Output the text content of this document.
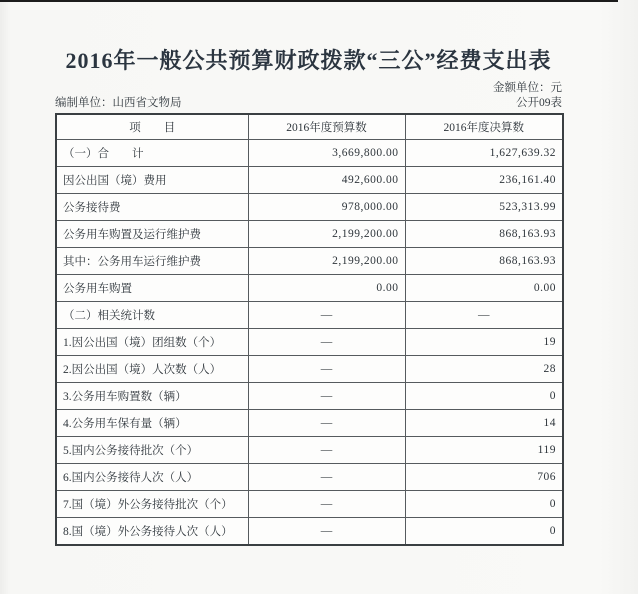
2016年一般公共预算财政拨款“三公”经费支出表
金额单位：元
编制单位：山西省文物局	公开09表
项　　目	2016年度预算数	2016年度决算数
（一）合　　计	3,669,800.00	1,627,639.32
因公出国（境）费用	492,600.00	236,161.40
公务接待费	978,000.00	523,313.99
公务用车购置及运行维护费	2,199,200.00	868,163.93
其中：公务用车运行维护费	2,199,200.00	868,163.93
公务用车购置	0.00	0.00
（二）相关统计数	—	—
1.因公出国（境）团组数（个）	—	19
2.因公出国（境）人次数（人）	—	28
3.公务用车购置数（辆）	—	0
4.公务用车保有量（辆）	—	14
5.国内公务接待批次（个）	—	119
6.国内公务接待人次（人）	—	706
7.国（境）外公务接待批次（个）	—	0
8.国（境）外公务接待人次（人）	—	0
